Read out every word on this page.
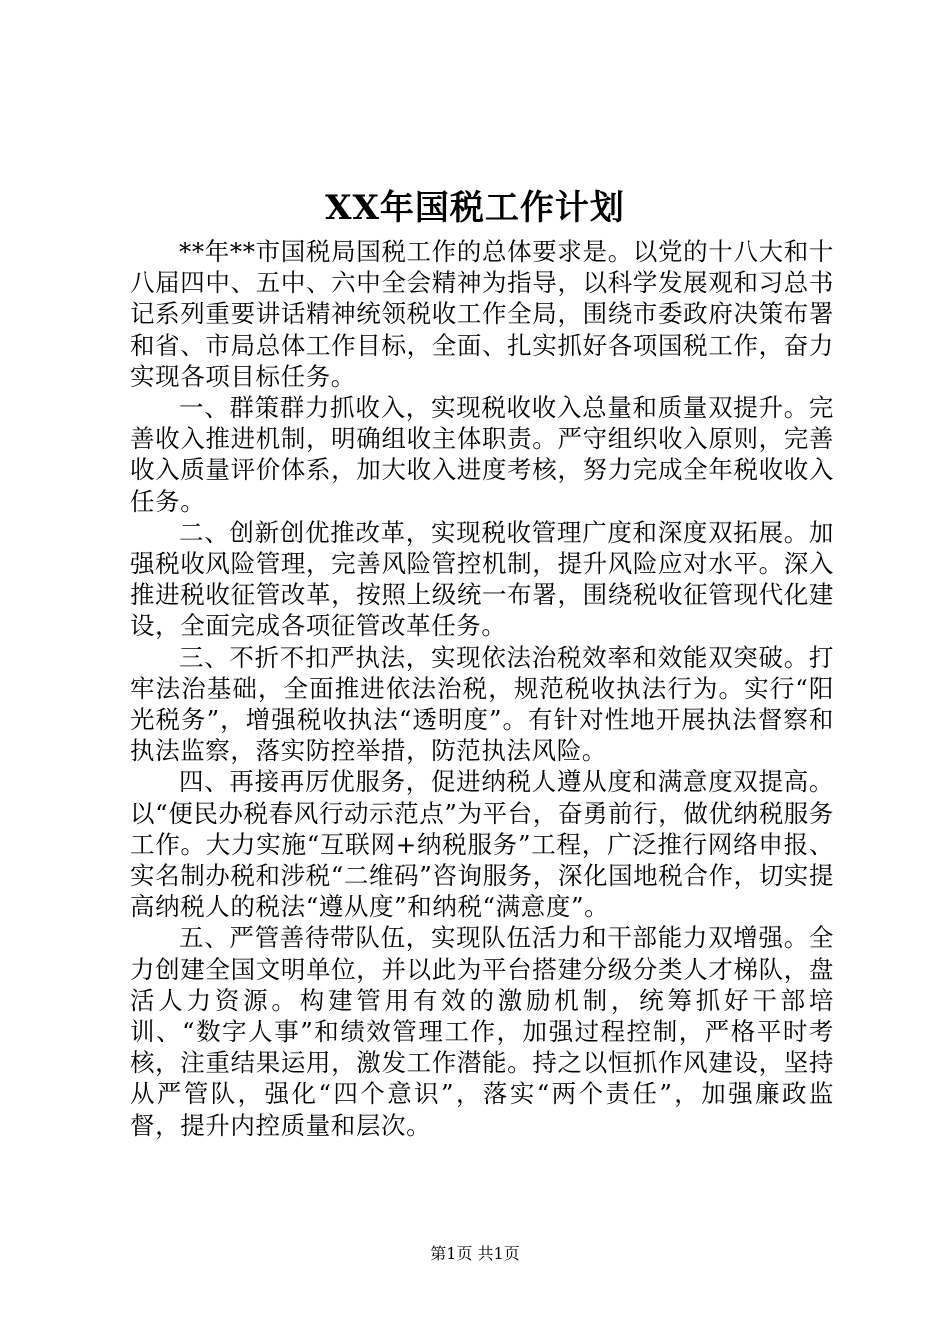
XX年国税工作计划

**年**市国税局国税工作的总体要求是。以党的十八大和十八届四中、五中、六中全会精神为指导，以科学发展观和习总书记系列重要讲话精神统领税收工作全局，围绕市委政府决策布署和省、市局总体工作目标，全面、扎实抓好各项国税工作，奋力实现各项目标任务。

一、群策群力抓收入，实现税收收入总量和质量双提升。完善收入推进机制，明确组收主体职责。严守组织收入原则，完善收入质量评价体系，加大收入进度考核，努力完成全年税收收入任务。

二、创新创优推改革，实现税收管理广度和深度双拓展。加强税收风险管理，完善风险管控机制，提升风险应对水平。深入推进税收征管改革，按照上级统一布署，围绕税收征管现代化建设，全面完成各项征管改革任务。

三、不折不扣严执法，实现依法治税效率和效能双突破。打牢法治基础，全面推进依法治税，规范税收执法行为。实行“阳光税务”，增强税收执法“透明度”。有针对性地开展执法督察和执法监察，落实防控举措，防范执法风险。

四、再接再厉优服务，促进纳税人遵从度和满意度双提高。以“便民办税春风行动示范点”为平台，奋勇前行，做优纳税服务工作。大力实施“互联网+纳税服务”工程，广泛推行网络申报、实名制办税和涉税“二维码”咨询服务，深化国地税合作，切实提高纳税人的税法“遵从度”和纳税“满意度”。

五、严管善待带队伍，实现队伍活力和干部能力双增强。全力创建全国文明单位，并以此为平台搭建分级分类人才梯队，盘活人力资源。构建管用有效的激励机制，统筹抓好干部培训、“数字人事”和绩效管理工作，加强过程控制，严格平时考核，注重结果运用，激发工作潜能。持之以恒抓作风建设，坚持从严管队，强化“四个意识”，落实“两个责任”，加强廉政监督，提升内控质量和层次。

第1页 共1页
